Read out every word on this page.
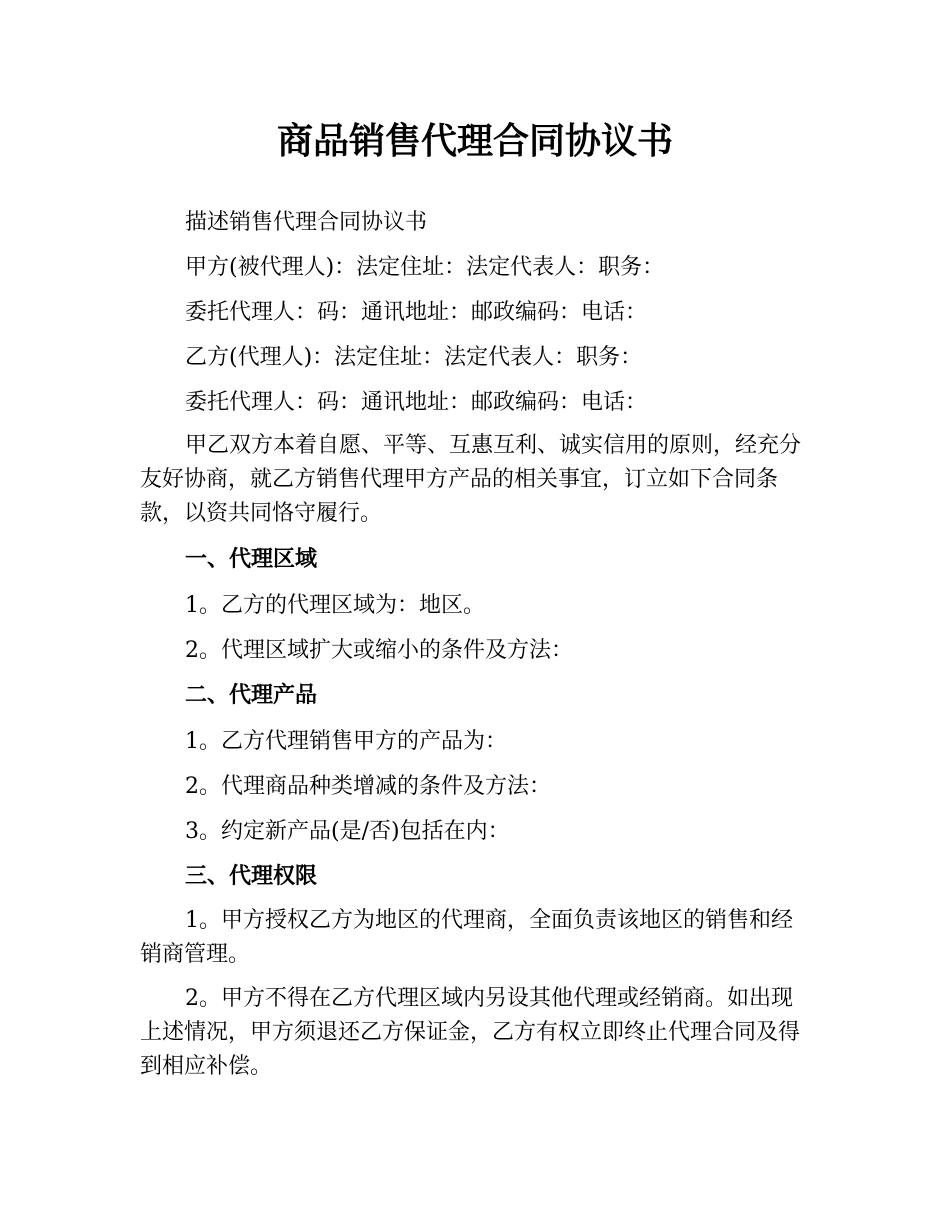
商品销售代理合同协议书

描述销售代理合同协议书

甲方(被代理人)：法定住址：法定代表人：职务：

委托代理人：码：通讯地址：邮政编码：电话：

乙方(代理人)：法定住址：法定代表人：职务：

委托代理人：码：通讯地址：邮政编码：电话：

甲乙双方本着自愿、平等、互惠互利、诚实信用的原则，经充分友好协商，就乙方销售代理甲方产品的相关事宜，订立如下合同条款，以资共同恪守履行。

一、代理区域

1。乙方的代理区域为：地区。

2。代理区域扩大或缩小的条件及方法：

二、代理产品

1。乙方代理销售甲方的产品为：

2。代理商品种类增减的条件及方法：

3。约定新产品(是/否)包括在内：

三、代理权限

1。甲方授权乙方为地区的代理商，全面负责该地区的销售和经销商管理。

2。甲方不得在乙方代理区域内另设其他代理或经销商。如出现上述情况，甲方须退还乙方保证金，乙方有权立即终止代理合同及得到相应补偿。
